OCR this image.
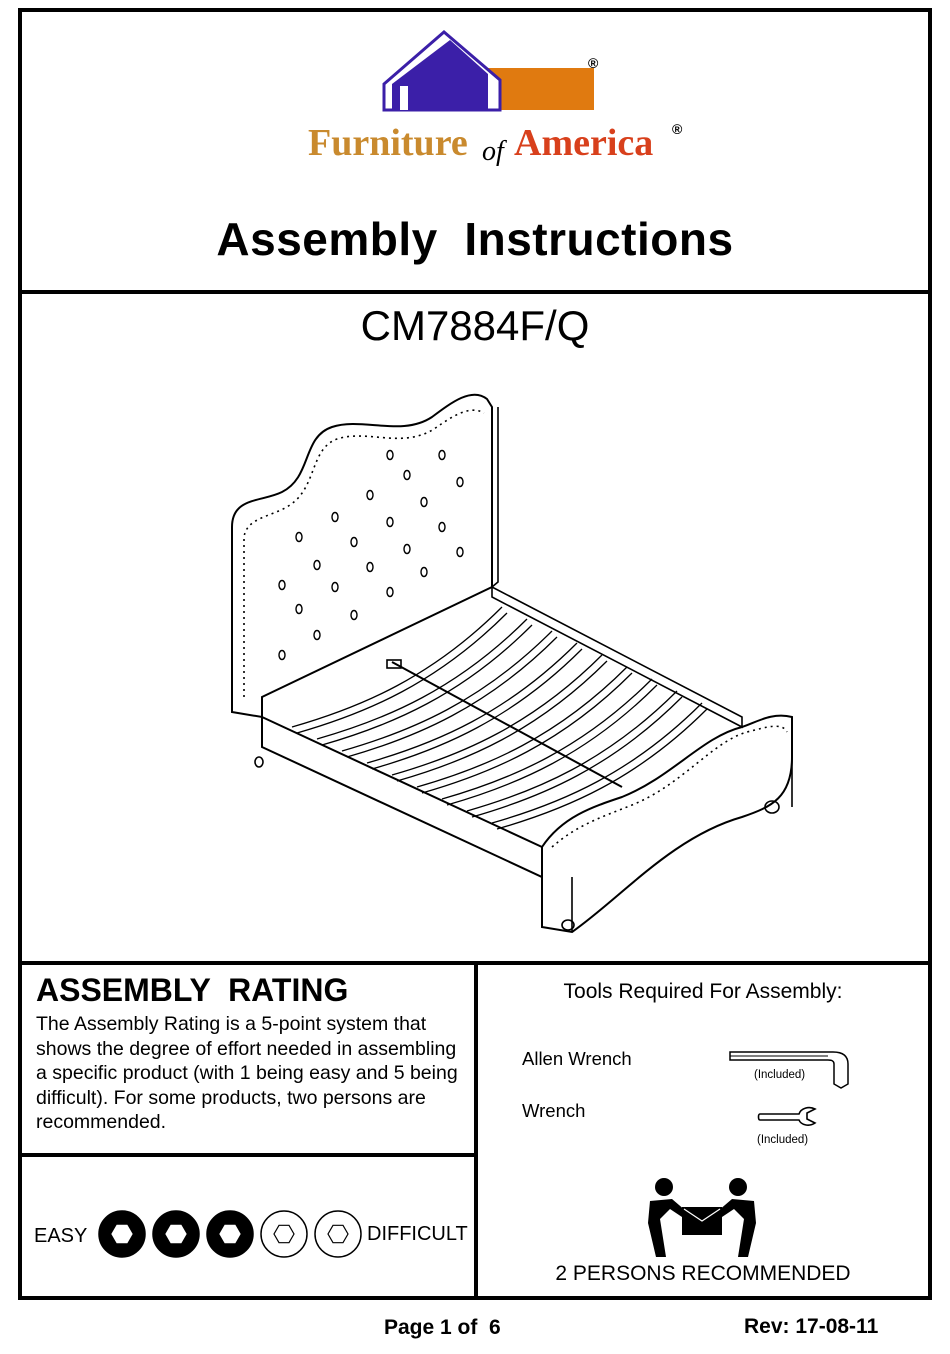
®
Furniture of America ®
Assembly  Instructions
CM7884F/Q
ASSEMBLY  RATING
The Assembly Rating is a 5-point system that shows the degree of effort needed in assembling a specific product (with 1 being easy and 5 being difficult). For some products, two persons are recommended.
EASY	DIFFICULT
Tools Required For Assembly:
Allen Wrench
(Included)
Wrench
(Included)
2 PERSONS RECOMMENDED
Page 1 of  6	Rev: 17-08-11
